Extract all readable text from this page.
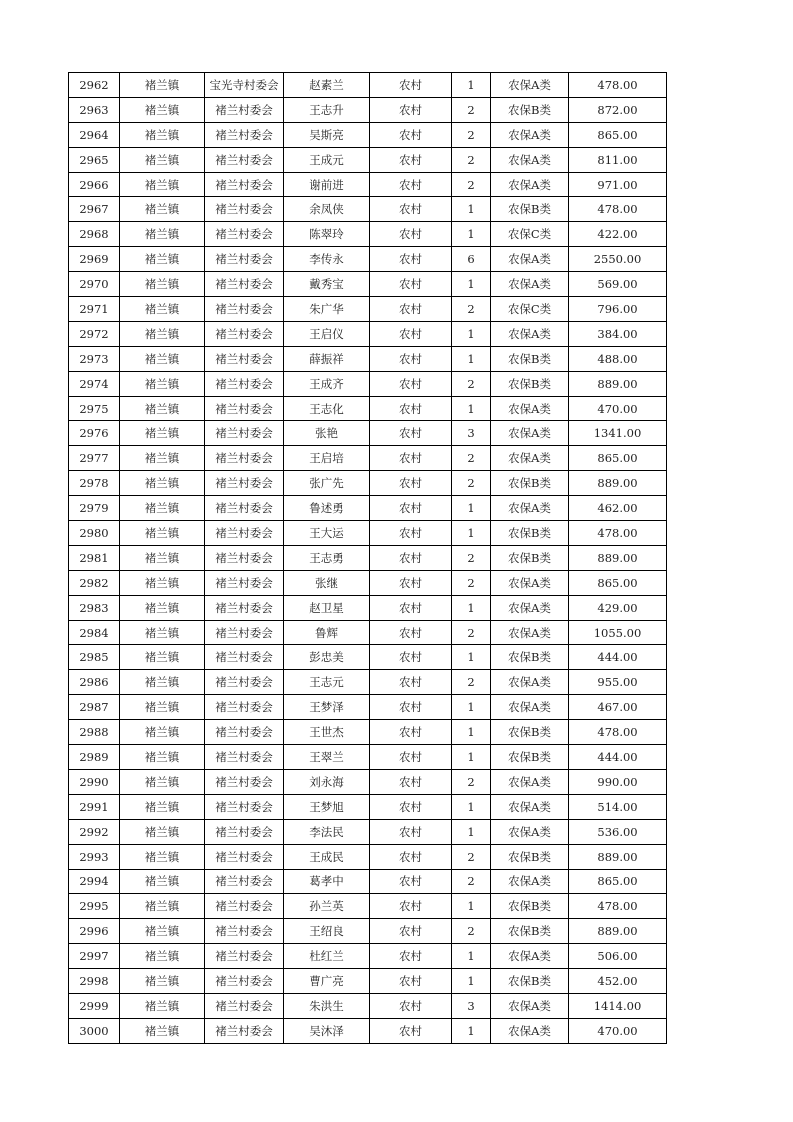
2962	褚兰镇	宝光寺村委会	赵素兰	农村	1	农保A类	478.00
2963	褚兰镇	褚兰村委会	王志升	农村	2	农保B类	872.00
2964	褚兰镇	褚兰村委会	吴斯亮	农村	2	农保A类	865.00
2965	褚兰镇	褚兰村委会	王成元	农村	2	农保A类	811.00
2966	褚兰镇	褚兰村委会	谢前进	农村	2	农保A类	971.00
2967	褚兰镇	褚兰村委会	余凤侠	农村	1	农保B类	478.00
2968	褚兰镇	褚兰村委会	陈翠玲	农村	1	农保C类	422.00
2969	褚兰镇	褚兰村委会	李传永	农村	6	农保A类	2550.00
2970	褚兰镇	褚兰村委会	戴秀宝	农村	1	农保A类	569.00
2971	褚兰镇	褚兰村委会	朱广华	农村	2	农保C类	796.00
2972	褚兰镇	褚兰村委会	王启仪	农村	1	农保A类	384.00
2973	褚兰镇	褚兰村委会	薛振祥	农村	1	农保B类	488.00
2974	褚兰镇	褚兰村委会	王成齐	农村	2	农保B类	889.00
2975	褚兰镇	褚兰村委会	王志化	农村	1	农保A类	470.00
2976	褚兰镇	褚兰村委会	张艳	农村	3	农保A类	1341.00
2977	褚兰镇	褚兰村委会	王启培	农村	2	农保A类	865.00
2978	褚兰镇	褚兰村委会	张广先	农村	2	农保B类	889.00
2979	褚兰镇	褚兰村委会	鲁述勇	农村	1	农保A类	462.00
2980	褚兰镇	褚兰村委会	王大运	农村	1	农保B类	478.00
2981	褚兰镇	褚兰村委会	王志勇	农村	2	农保B类	889.00
2982	褚兰镇	褚兰村委会	张继	农村	2	农保A类	865.00
2983	褚兰镇	褚兰村委会	赵卫星	农村	1	农保A类	429.00
2984	褚兰镇	褚兰村委会	鲁辉	农村	2	农保A类	1055.00
2985	褚兰镇	褚兰村委会	彭忠美	农村	1	农保B类	444.00
2986	褚兰镇	褚兰村委会	王志元	农村	2	农保A类	955.00
2987	褚兰镇	褚兰村委会	王梦泽	农村	1	农保A类	467.00
2988	褚兰镇	褚兰村委会	王世杰	农村	1	农保B类	478.00
2989	褚兰镇	褚兰村委会	王翠兰	农村	1	农保B类	444.00
2990	褚兰镇	褚兰村委会	刘永海	农村	2	农保A类	990.00
2991	褚兰镇	褚兰村委会	王梦旭	农村	1	农保A类	514.00
2992	褚兰镇	褚兰村委会	李法民	农村	1	农保A类	536.00
2993	褚兰镇	褚兰村委会	王成民	农村	2	农保B类	889.00
2994	褚兰镇	褚兰村委会	葛孝中	农村	2	农保A类	865.00
2995	褚兰镇	褚兰村委会	孙兰英	农村	1	农保B类	478.00
2996	褚兰镇	褚兰村委会	王绍良	农村	2	农保B类	889.00
2997	褚兰镇	褚兰村委会	杜红兰	农村	1	农保A类	506.00
2998	褚兰镇	褚兰村委会	曹广亮	农村	1	农保B类	452.00
2999	褚兰镇	褚兰村委会	朱洪生	农村	3	农保A类	1414.00
3000	褚兰镇	褚兰村委会	吴沐泽	农村	1	农保A类	470.00
